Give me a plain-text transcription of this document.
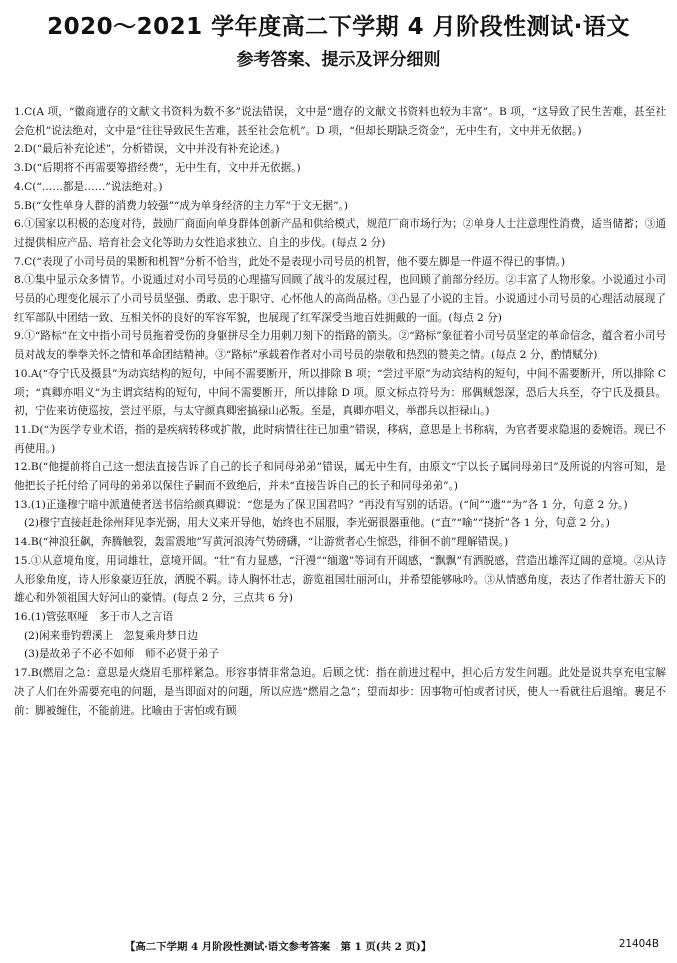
2020～2021 学年度高二下学期 4 月阶段性测试·语文
参考答案、提示及评分细则

1.C(A 项，“徽商遗存的文献文书资料为数不多”说法错误，文中是“遗存的文献文书资料也较为丰富”。B 项，“这导致了民生苦难，甚至社会危机”说法绝对，文中是“往往导致民生苦难，甚至社会危机”。D 项，“但却长期缺乏资金”，无中生有，文中并无依据。)

2.D(“最后补充论述”，分析错误，文中并没有补充论述。)

3.D(“后期将不再需要筹措经费”，无中生有，文中并无依据。)

4.C(“……都是……”说法绝对。)

5.B(“女性单身人群的消费力较强”“成为单身经济的主力军”于文无据”。)

6.①国家以积极的态度对待，鼓励厂商面向单身群体创新产品和供给模式，规范厂商市场行为；②单身人士注意理性消费，适当储蓄；③通过提供相应产品、培育社会文化等助力女性追求独立、自主的步伐。(每点 2 分)

7.C(“表现了小司号员的果断和机智”分析不恰当，此处不是表现小司号员的机智，他不要左脚是一件逼不得已的事情。)

8.①集中显示众多情节。小说通过对小司号员的心理描写回顾了战斗的发展过程，也回顾了前部分经历。②丰富了人物形象。小说通过小司号员的心理变化展示了小司号员坚强、勇敢、忠于职守、心怀他人的高尚品格。③凸显了小说的主旨。小说通过小司号员的心理活动展现了红军部队中团结一致、互相关怀的良好的军容军貌，也展现了红军深受当地百姓拥戴的一面。(每点 2 分)

9.①“路标”在文中指小司号员拖着受伤的身躯拼尽全力用刺刀刻下的指路的箭头。②“路标”象征着小司号员坚定的革命信念，蕴含着小司号员对战友的拳拳关怀之情和革命团结精神。③“路标”承载着作者对小司号员的崇敬和热烈的赞美之情。(每点 2 分，酌情赋分)

10.A(“夺宁氏及摄县”为动宾结构的短句，中间不需要断开，所以排除 B 项；“尝过平原”为动宾结构的短句，中间不需要断开，所以排除 C 项；“真卿亦唱义”为主谓宾结构的短句，中间不需要断开，所以排除 D 项。原文标点符号为：邢偶贼怨深，恐后大兵至，夺宁氏及摄县。初，宁佐来访使巡按，尝过平原，与太守颜真卿密搞禄山必叛。至是，真卿亦唱义，举郡兵以拒禄山。)

11.D(“为医学专业术语，指的是疾病转移或扩散，此时病情往往已加重”错误，移病，意思是上书称病，为官者要求隐退的委婉语。现已不再使用。)

12.B(“他提前将自己这一想法直接告诉了自己的长子和同母弟弟”错误，属无中生有，由原文“宁以长子属同母弟曰”及所说的内容可知，是他把长子托付给了同母的弟弟以保住子嗣而不致绝后，并未“直接告诉自己的长子和同母弟弟”。)

13.(1)正逢穆宁暗中派遣使者送书信给颜真卿说：“您是为了保卫国君吗？”再没有写别的话语。(“间”“遗”“为”各 1 分，句意 2 分。)

(2)穆宁直接赶赴徐州拜见李光弼，用大义来开导他，始终也不屈服，李光弼很器重他。(“直”“喻”“挠折”各 1 分，句意 2 分。)

14.B(“神浪狂飙，奔腾触裂，轰雷震地”写黄河浪涛气势磅礴，“让游赏者心生惊恐，徘徊不前”理解错误。)

15.①从意境角度，用词雄壮，意境开阔。“壮”有力显感，“汗漫”“缅邈”等词有开阔感，“飘飘”有洒脱感，营造出雄浑辽阔的意境。②从诗人形象角度，诗人形象豪迈狂放，洒脱不羁。诗人胸怀壮志，游览祖国壮丽河山，并希望能够咏吟。③从情感角度，表达了作者壮游天下的雄心和外领祖国大好河山的豪情。(每点 2 分，三点共 6 分)

16.(1)管弦呕哑　多于市人之言语

(2)闲来垂钓碧溪上　忽复乘舟梦日边

(3)是故弟子不必不如师　师不必贤于弟子

17.B(燃眉之急：意思是火烧眉毛那样紧急。形容事情非常急迫。后顾之忧：指在前进过程中，担心后方发生问题。此处是说共享充电宝解决了人们在外需要充电的问题，是当即面对的问题，所以应选“燃眉之急”；望而却步：因事物可怕或者讨厌，使人一看就往后退缩。裹足不前：脚被缠住，不能前进。比喻由于害怕或有顾

【高二下学期 4 月阶段性测试·语文参考答案　第 1 页(共 2 页)】	21404B
